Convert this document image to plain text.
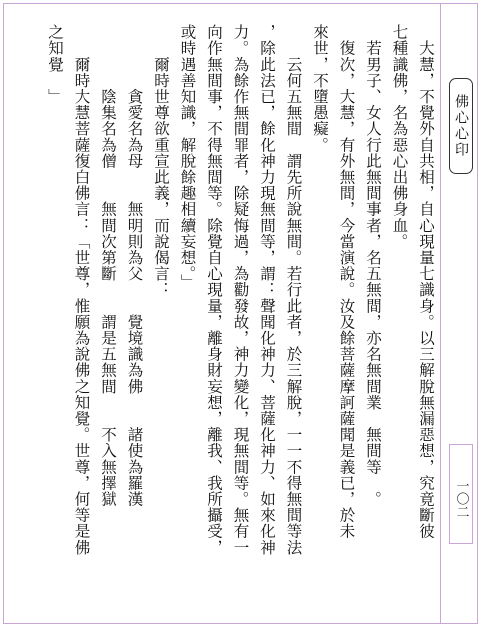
佛心心印
一〇二

　大慧，不覺外自共相，自心現量七識身。以三解脫無漏惡想，究竟斷彼

七種識佛，名為惡心出佛身血。

　若男子、女人行此無間事者，名五無間，亦名無間業　無間等　。

　復次，大慧，有外無間，今當演說。汝及餘菩薩摩訶薩聞是義已，於未

來世，不墮愚癡。

　　云何五無間　謂先所說無間。若行此者，於三解脫，一一不得無間等法

，除此法已，餘化神力現無間等，謂：聲聞化神力、菩薩化神力、如來化神

力。為餘作無間罪者，除疑悔過，為勸發故，神力變化，現無間等。無有一

向作無間事，不得無間等。除覺自心現量，離身財妄想，離我、我所攝受，

或時遇善知識，解脫餘趣相續妄想。」

　　爾時世尊欲重宣此義，而說偈言：

　　　　貪愛名為母　　無明則為父　　覺境識為佛　　諸使為羅漢

　　　　陰集名為僧　　無間次第斷　　謂是五無間　　不入無擇獄

　　爾時大慧菩薩復白佛言：「世尊，惟願為說佛之知覺。世尊，何等是佛

之知覺　」
